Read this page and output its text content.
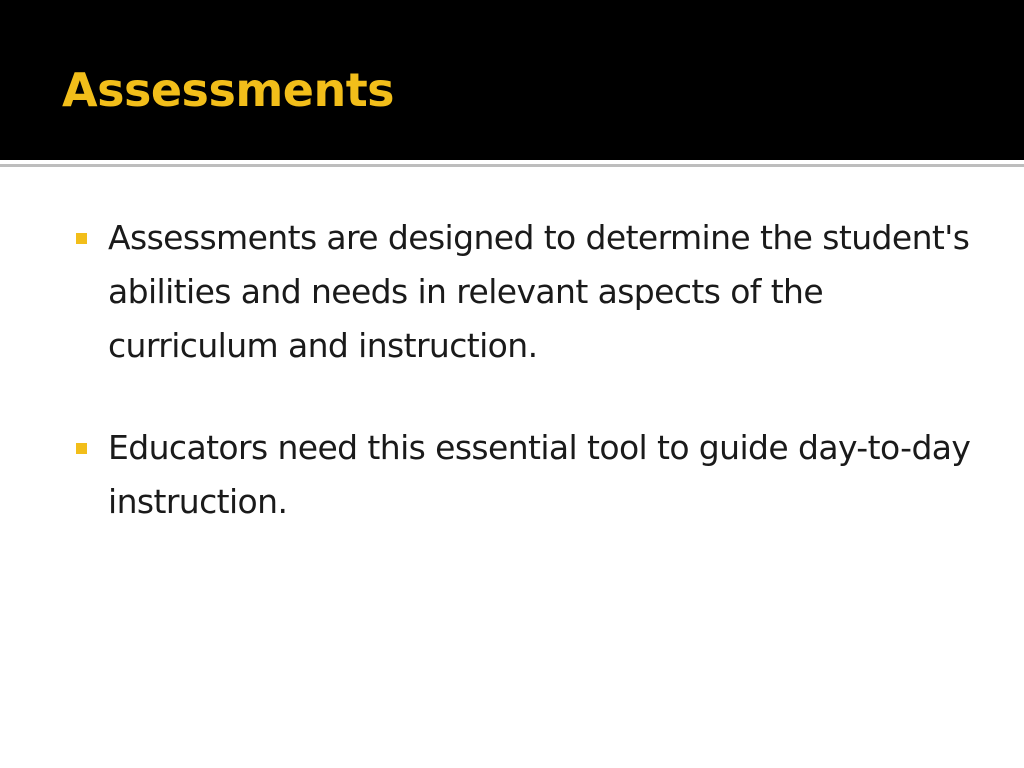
Assessments
Assessments are designed to determine the student's abilities and needs in relevant aspects of the curriculum and instruction.
Educators need this essential tool to guide day-to-day instruction.
